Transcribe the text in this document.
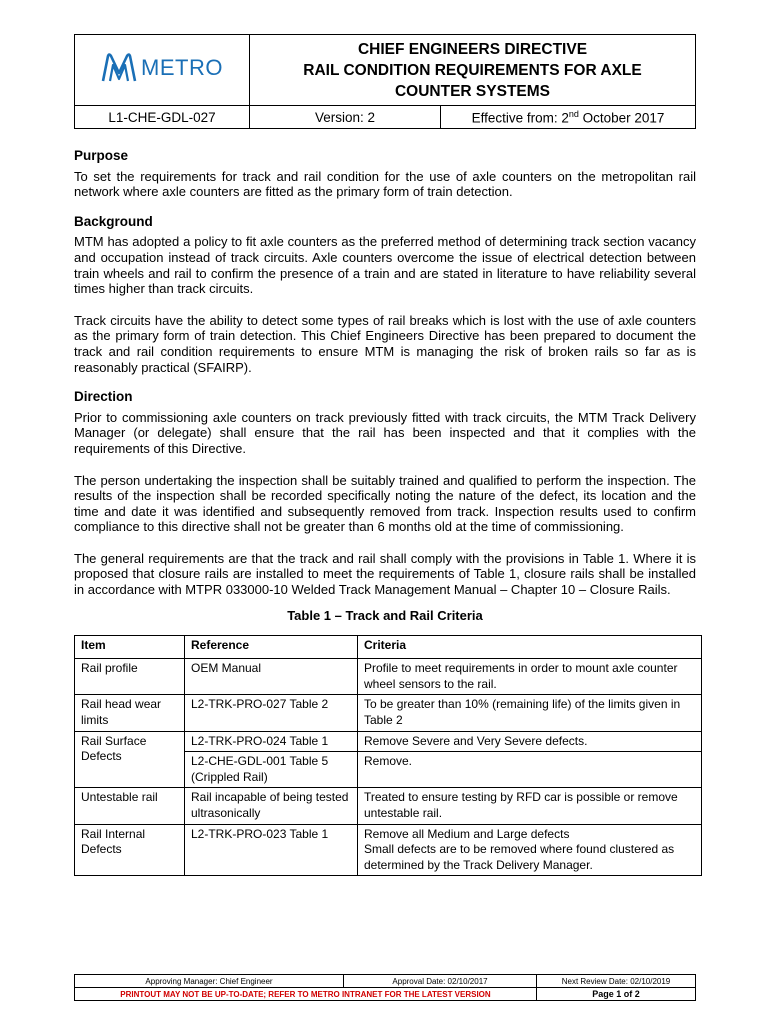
METRO	CHIEF ENGINEERS DIRECTIVE
RAIL CONDITION REQUIREMENTS FOR AXLE
COUNTER SYSTEMS	

L1-CHE-GDL-027	Version: 2	Effective from: 2nd October 2017
Purpose

To set the requirements for track and rail condition for the use of axle counters on the metropolitan rail network where axle counters are fitted as the primary form of train detection.

Background

MTM has adopted a policy to fit axle counters as the preferred method of determining track section vacancy and occupation instead of track circuits. Axle counters overcome the issue of electrical detection between train wheels and rail to confirm the presence of a train and are stated in literature to have reliability several times higher than track circuits.

Track circuits have the ability to detect some types of rail breaks which is lost with the use of axle counters as the primary form of train detection. This Chief Engineers Directive has been prepared to document the track and rail condition requirements to ensure MTM is managing the risk of broken rails so far as is reasonably practical (SFAIRP).

Direction

Prior to commissioning axle counters on track previously fitted with track circuits, the MTM Track Delivery Manager (or delegate) shall ensure that the rail has been inspected and that it complies with the requirements of this Directive.

The person undertaking the inspection shall be suitably trained and qualified to perform the inspection. The results of the inspection shall be recorded specifically noting the nature of the defect, its location and the time and date it was identified and subsequently removed from track. Inspection results used to confirm compliance to this directive shall not be greater than 6 months old at the time of commissioning.

The general requirements are that the track and rail shall comply with the provisions in Table 1. Where it is proposed that closure rails are installed to meet the requirements of Table 1, closure rails shall be installed in accordance with MTPR 033000-10 Welded Track Management Manual – Chapter 10 – Closure Rails.

Table 1 – Track and Rail Criteria
Item	Reference	Criteria
Rail profile	OEM Manual	Profile to meet requirements in order to mount axle counter wheel sensors to the rail.
Rail head wear limits	L2-TRK-PRO-027 Table 2	To be greater than 10% (remaining life) of the limits given in Table 2
Rail Surface Defects	L2-TRK-PRO-024 Table 1	Remove Severe and Very Severe defects.
	L2-CHE-GDL-001 Table 5 (Crippled Rail)	Remove.
Untestable rail	Rail incapable of being tested ultrasonically	Treated to ensure testing by RFD car is possible or remove untestable rail.
Rail Internal Defects	L2-TRK-PRO-023 Table 1	Remove all Medium and Large defects
Small defects are to be removed where found clustered as determined by the Track Delivery Manager.
Approving Manager: Chief Engineer	Approval Date: 02/10/2017	Next Review Date: 02/10/2019
PRINTOUT MAY NOT BE UP-TO-DATE; REFER TO METRO INTRANET FOR THE LATEST VERSION		Page 1 of 2
